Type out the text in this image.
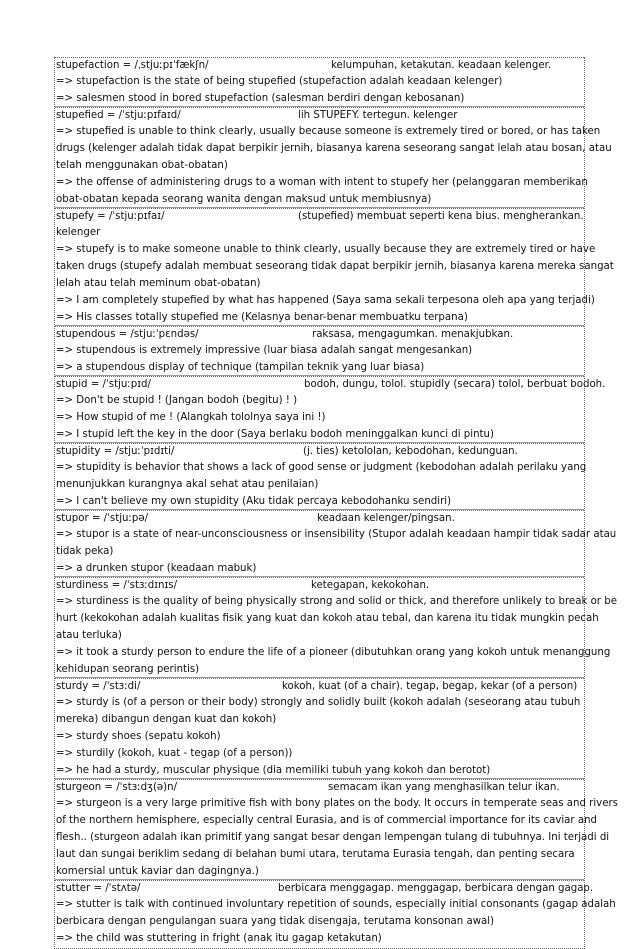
stupefaction = /ˌstjuːpɪˈfækʃn/	kelumpuhan, ketakutan. keadaan kelenger.
=> stupefaction is the state of being stupefied (stupefaction adalah keadaan kelenger)
=> salesmen stood in bored stupefaction (salesman berdiri dengan kebosanan)
stupefied = /ˈstjuːpɪfaɪd/	lih STUPEFY. tertegun. kelenger
=> stupefied is unable to think clearly, usually because someone is extremely tired or bored, or has taken
drugs (kelenger adalah tidak dapat berpikir jernih, biasanya karena seseorang sangat lelah atau bosan, atau
telah menggunakan obat-obatan)
=> the offense of administering drugs to a woman with intent to stupefy her (pelanggaran memberikan
obat-obatan kepada seorang wanita dengan maksud untuk membiusnya)
stupefy = /ˈstjuːpɪfaɪ/	(stupefied) membuat seperti kena bius. mengherankan.
kelenger
=> stupefy is to make someone unable to think clearly, usually because they are extremely tired or have
taken drugs (stupefy adalah membuat seseorang tidak dapat berpikir jernih, biasanya karena mereka sangat
lelah atau telah meminum obat-obatan)
=> I am completely stupefied by what has happened (Saya sama sekali terpesona oleh apa yang terjadi)
=> His classes totally stupefied me (Kelasnya benar-benar membuatku terpana)
stupendous = /stjuːˈpɛndəs/	raksasa, mengagumkan. menakjubkan.
=> stupendous is extremely impressive (luar biasa adalah sangat mengesankan)
=> a stupendous display of technique (tampilan teknik yang luar biasa)
stupid = /ˈstjuːpɪd/	bodoh, dungu, tolol. stupidly (secara) tolol, berbuat bodoh.
=> Don't be stupid ! (Jangan bodoh (begitu) ! )
=> How stupid of me ! (Alangkah tololnya saya ini !)
=> I stupid left the key in the door (Saya berlaku bodoh meninggalkan kunci di pintu)
stupidity = /stjuːˈpɪdɪti/	(j. ties) ketololan, kebodohan, kedunguan.
=> stupidity is behavior that shows a lack of good sense or judgment (kebodohan adalah perilaku yang
menunjukkan kurangnya akal sehat atau penilaian)
=> I can't believe my own stupidity (Aku tidak percaya kebodohanku sendiri)
stupor = /ˈstjuːpə/	keadaan kelenger/pingsan.
=> stupor is a state of near-unconsciousness or insensibility (Stupor adalah keadaan hampir tidak sadar atau
tidak peka)
=> a drunken stupor (keadaan mabuk)
sturdiness = /ˈstɜːdɪnɪs/	ketegapan, kekokohan.
=> sturdiness is the quality of being physically strong and solid or thick, and therefore unlikely to break or be
hurt (kekokohan adalah kualitas fisik yang kuat dan kokoh atau tebal, dan karena itu tidak mungkin pecah
atau terluka)
=> it took a sturdy person to endure the life of a pioneer (dibutuhkan orang yang kokoh untuk menanggung
kehidupan seorang perintis)
sturdy = /ˈstɜːdi/	kokoh, kuat (of a chair). tegap, begap, kekar (of a person)
=> sturdy is (of a person or their body) strongly and solidly built (kokoh adalah (seseorang atau tubuh
mereka) dibangun dengan kuat dan kokoh)
=> sturdy shoes (sepatu kokoh)
=> sturdily (kokoh, kuat - tegap (of a person))
=> he had a sturdy, muscular physique (dia memiliki tubuh yang kokoh dan berotot)
sturgeon = /ˈstɜːdʒ(ə)n/	semacam ikan yang menghasilkan telur ikan.
=> sturgeon is a very large primitive fish with bony plates on the body. It occurs in temperate seas and rivers
of the northern hemisphere, especially central Eurasia, and is of commercial importance for its caviar and
flesh.. (sturgeon adalah ikan primitif yang sangat besar dengan lempengan tulang di tubuhnya. Ini terjadi di
laut dan sungai beriklim sedang di belahan bumi utara, terutama Eurasia tengah, dan penting secara
komersial untuk kaviar dan dagingnya.)
stutter = /ˈstʌtə/	berbicara menggagap. menggagap, berbicara dengan gagap.
=> stutter is talk with continued involuntary repetition of sounds, especially initial consonants (gagap adalah
berbicara dengan pengulangan suara yang tidak disengaja, terutama konsonan awal)
=> the child was stuttering in fright (anak itu gagap ketakutan)
